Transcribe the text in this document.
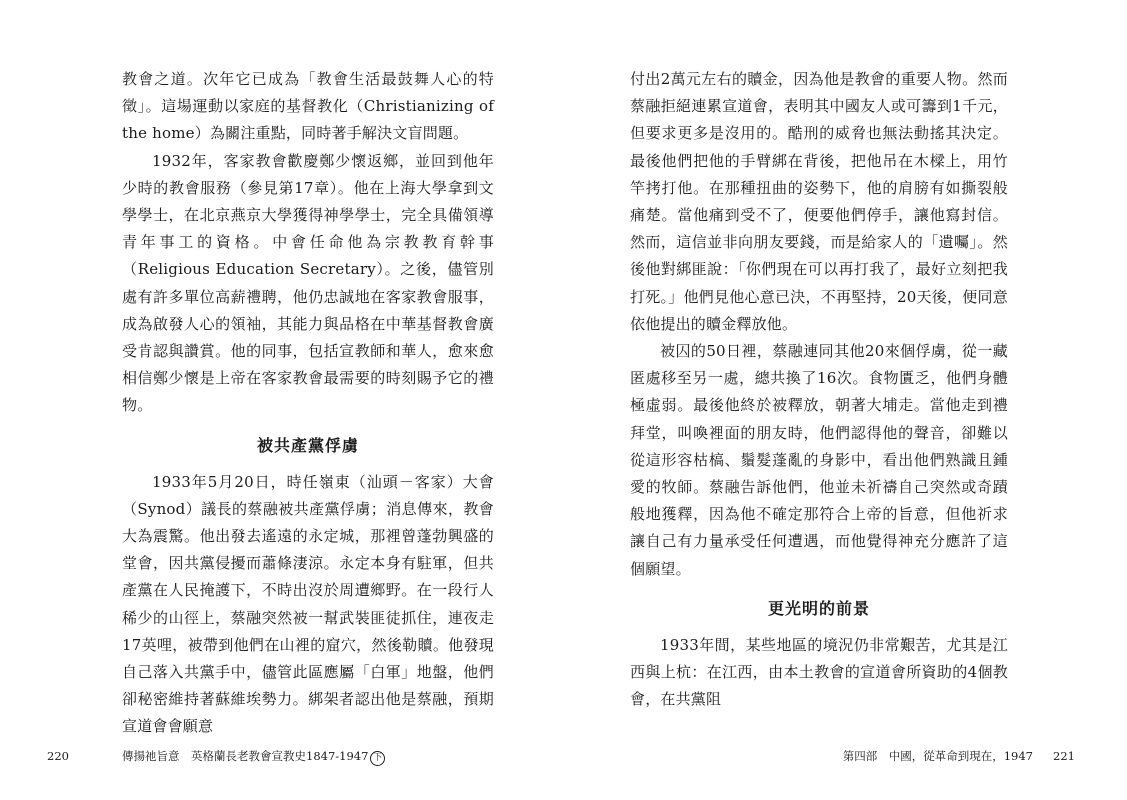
教會之道。次年它已成為「教會生活最鼓舞人心的特徵」。這場運動以家庭的基督教化（Christianizing of the home）為關注重點，同時著手解決文盲問題。

1932年，客家教會歡慶鄭少懷返鄉，並回到他年少時的教會服務（參見第17章）。他在上海大學拿到文學學士，在北京燕京大學獲得神學學士，完全具備領導青年事工的資格。中會任命他為宗教教育幹事（Religious Education Secretary）。之後，儘管別處有許多單位高薪禮聘，他仍忠誠地在客家教會服事，成為啟發人心的領袖，其能力與品格在中華基督教會廣受肯認與讚賞。他的同事，包括宣教師和華人，愈來愈相信鄭少懷是上帝在客家教會最需要的時刻賜予它的禮物。

被共產黨俘虜

1933年5月20日，時任嶺東（汕頭－客家）大會（Synod）議長的蔡融被共產黨俘虜；消息傳來，教會大為震驚。他出發去遙遠的永定城，那裡曾蓬勃興盛的堂會，因共黨侵擾而蕭條淒涼。永定本身有駐軍，但共產黨在人民掩護下，不時出沒於周遭鄉野。在一段行人稀少的山徑上，蔡融突然被一幫武裝匪徒抓住，連夜走17英哩，被帶到他們在山裡的窟穴，然後勒贖。他發現自己落入共黨手中，儘管此區應屬「白軍」地盤，他們卻秘密維持著蘇維埃勢力。綁架者認出他是蔡融，預期宣道會會願意

220	傳揚祂旨意　英格蘭長老教會宣教史1847-1947 下

付出2萬元左右的贖金，因為他是教會的重要人物。然而蔡融拒絕連累宣道會，表明其中國友人或可籌到1千元，但要求更多是沒用的。酷刑的威脅也無法動搖其決定。最後他們把他的手臂綁在背後，把他吊在木樑上，用竹竿拷打他。在那種扭曲的姿勢下，他的肩膀有如撕裂般痛楚。當他痛到受不了，便要他們停手，讓他寫封信。然而，這信並非向朋友要錢，而是給家人的「遺囑」。然後他對綁匪說：「你們現在可以再打我了，最好立刻把我打死。」他們見他心意已決，不再堅持，20天後，便同意依他提出的贖金釋放他。

被囚的50日裡，蔡融連同其他20來個俘虜，從一藏匿處移至另一處，總共換了16次。食物匱乏，他們身體極虛弱。最後他終於被釋放，朝著大埔走。當他走到禮拜堂，叫喚裡面的朋友時，他們認得他的聲音，卻難以從這形容枯槁、鬚髮蓬亂的身影中，看出他們熟識且鍾愛的牧師。蔡融告訴他們，他並未祈禱自己突然或奇蹟般地獲釋，因為他不確定那符合上帝的旨意，但他祈求讓自己有力量承受任何遭遇，而他覺得神充分應許了這個願望。

更光明的前景

1933年間，某些地區的境況仍非常艱苦，尤其是江西與上杭：在江西，由本土教會的宣道會所資助的4個教會，在共黨阻

第四部　中國，從革命到現在，1947 221
